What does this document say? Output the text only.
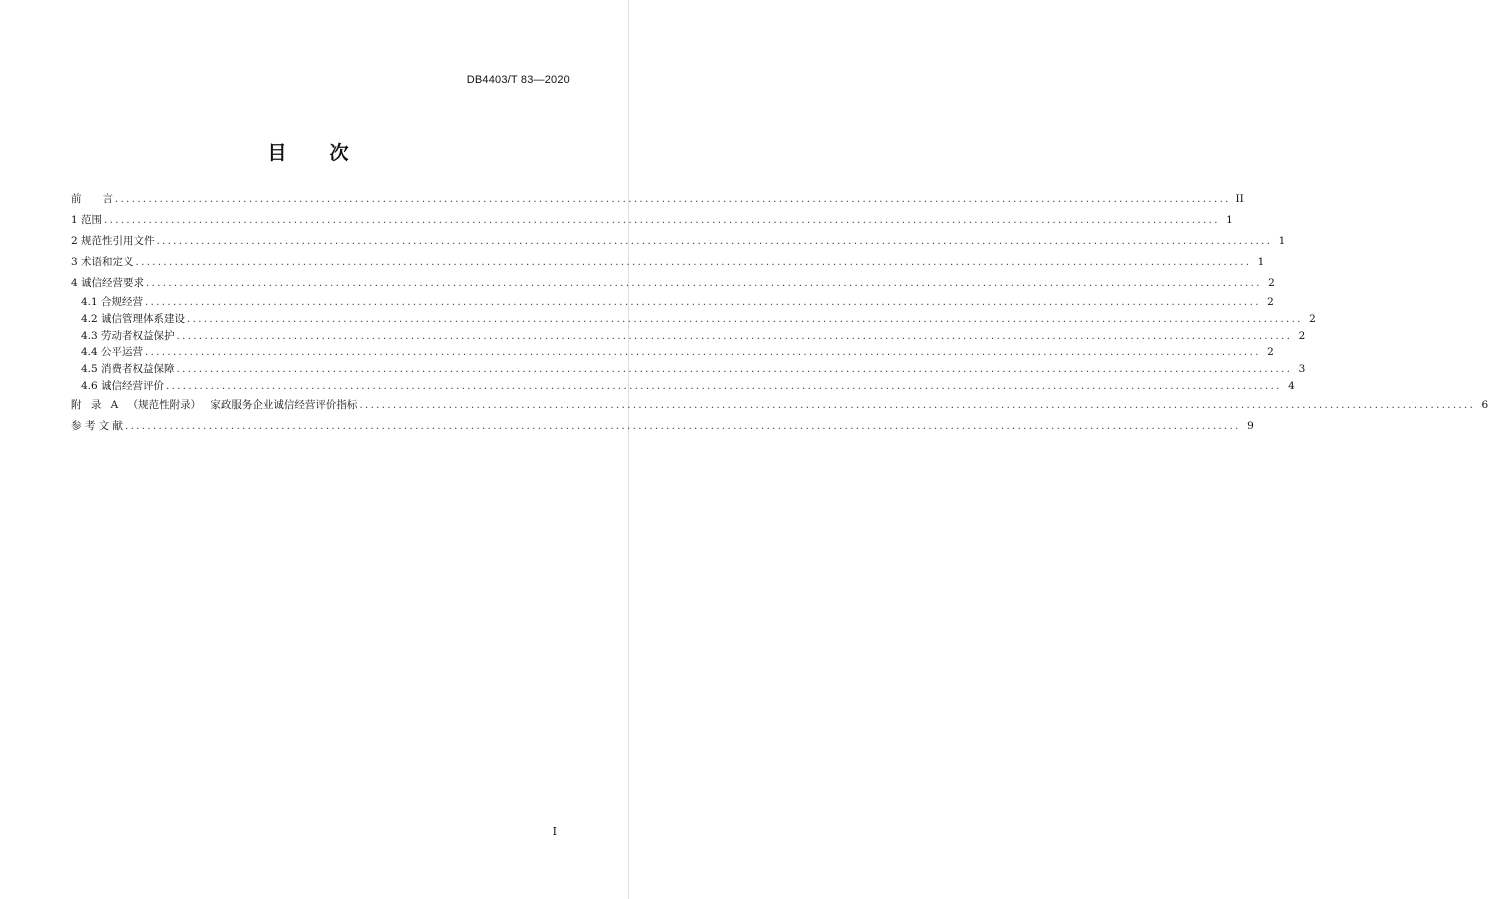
DB4403/T 83—2020
目　次
前　　言 ........................................................................................................................................................................................................ II
1 范围 ........................................................................................................................................................................................................ 1
2 规范性引用文件 ........................................................................................................................................................................................................ 1
3 术语和定义 ........................................................................................................................................................................................................ 1
4 诚信经营要求 ........................................................................................................................................................................................................ 2
4.1 合规经营 ........................................................................................................................................................................................................ 2
4.2 诚信管理体系建设 ........................................................................................................................................................................................................ 2
4.3 劳动者权益保护 ........................................................................................................................................................................................................ 2
4.4 公平运营 ........................................................................................................................................................................................................ 2
4.5 消费者权益保障 ........................................................................................................................................................................................................ 3
4.6 诚信经营评价 ........................................................................................................................................................................................................ 4
附 录 A （规范性附录） 家政服务企业诚信经营评价指标 ........................................................................................................................................................................................................ 6
参 考 文 献 ........................................................................................................................................................................................................ 9
I
